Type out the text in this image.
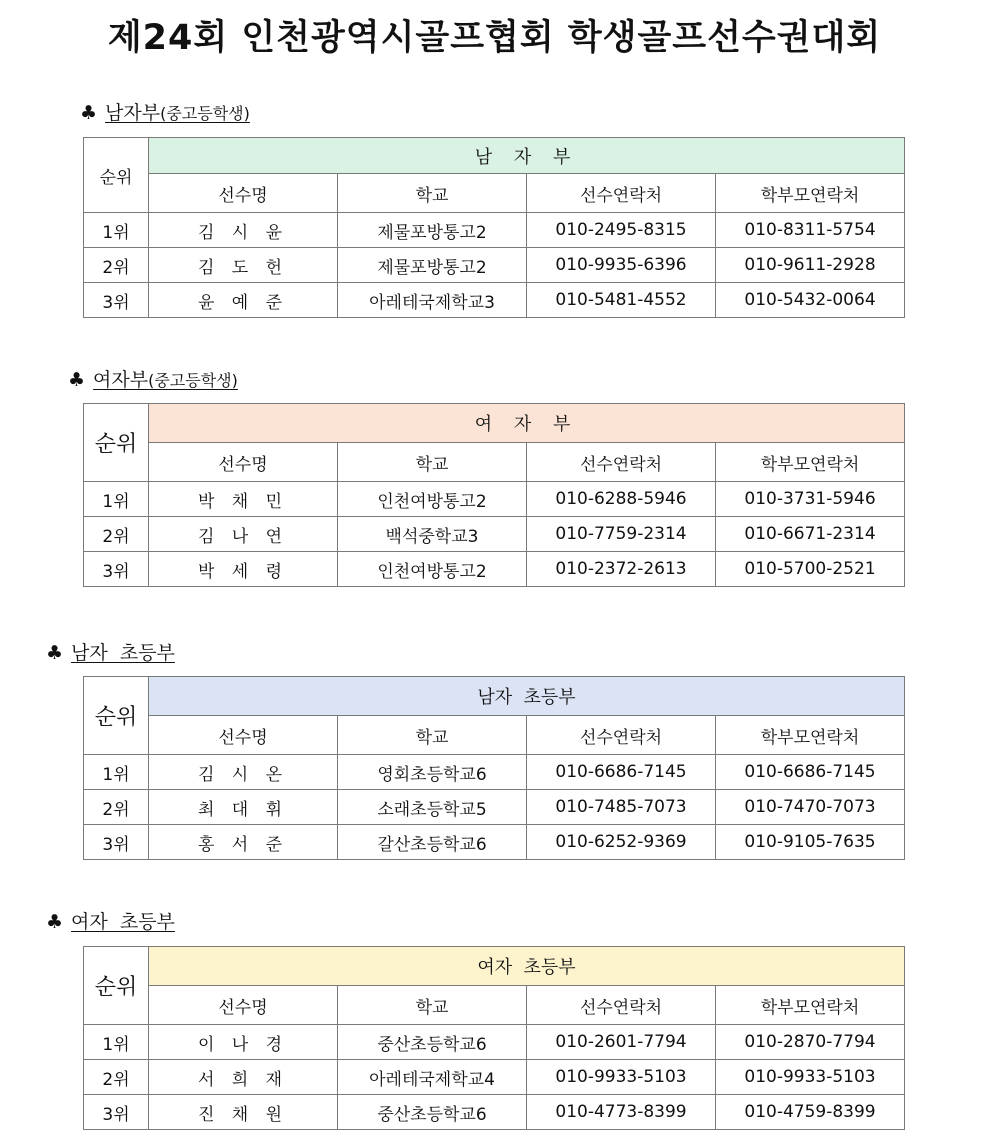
제24회 인천광역시골프협회 학생골프선수권대회
♣ 남자부(중고등학생)
순위	남 자 부			
	선수명	학교	선수연락처	학부모연락처
1위	김 시 윤	제물포방통고2	010-2495-8315	010-8311-5754
2위	김 도 헌	제물포방통고2	010-9935-6396	010-9611-2928
3위	윤 예 준	아레테국제학교3	010-5481-4552	010-5432-0064
♣ 여자부(중고등학생)
순위	여 자 부			
	선수명	학교	선수연락처	학부모연락처
1위	박 채 민	인천여방통고2	010-6288-5946	010-3731-5946
2위	김 나 연	백석중학교3	010-7759-2314	010-6671-2314
3위	박 세 령	인천여방통고2	010-2372-2613	010-5700-2521
♣ 남자  초등부
순위	남자  초등부			
	선수명	학교	선수연락처	학부모연락처
1위	김 시 온	영회초등학교6	010-6686-7145	010-6686-7145
2위	최 대 휘	소래초등학교5	010-7485-7073	010-7470-7073
3위	홍 서 준	갈산초등학교6	010-6252-9369	010-9105-7635
♣ 여자  초등부
순위	여자  초등부			
	선수명	학교	선수연락처	학부모연락처
1위	이 나 경	중산초등학교6	010-2601-7794	010-2870-7794
2위	서 희 재	아레테국제학교4	010-9933-5103	010-9933-5103
3위	진 채 원	중산초등학교6	010-4773-8399	010-4759-8399
